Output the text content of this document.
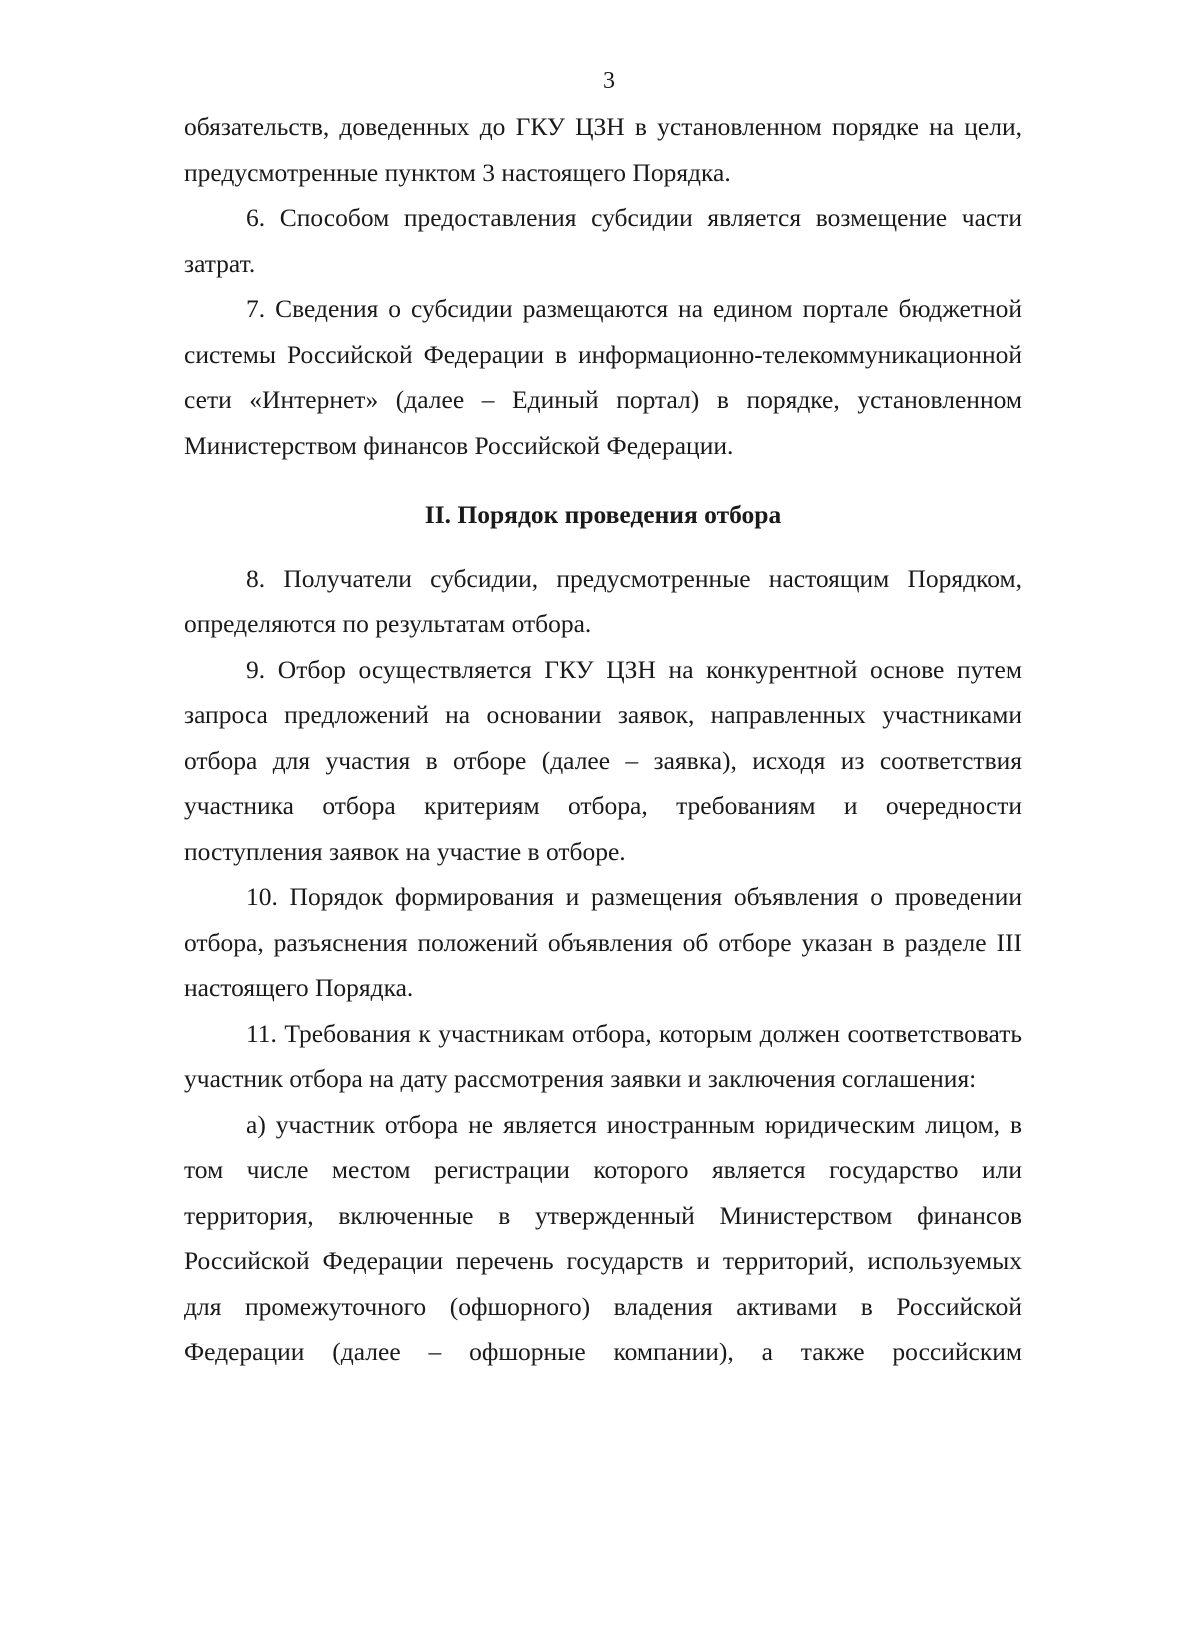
3

обязательств, доведенных до ГКУ ЦЗН в установленном порядке на цели, предусмотренные пунктом 3 настоящего Порядка.

6. Способом предоставления субсидии является возмещение части затрат.

7. Сведения о субсидии размещаются на едином портале бюджетной системы Российской Федерации в информационно-телекоммуникационной сети «Интернет» (далее – Единый портал) в порядке, установленном Министерством финансов Российской Федерации.

II. Порядок проведения отбора

8. Получатели субсидии, предусмотренные настоящим Порядком, определяются по результатам отбора.

9. Отбор осуществляется ГКУ ЦЗН на конкурентной основе путем запроса предложений на основании заявок, направленных участниками отбора для участия в отборе (далее – заявка), исходя из соответствия участника отбора критериям отбора, требованиям и очередности поступления заявок на участие в отборе.

10. Порядок формирования и размещения объявления о проведении отбора, разъяснения положений объявления об отборе указан в разделе III настоящего Порядка.

11. Требования к участникам отбора, которым должен соответствовать участник отбора на дату рассмотрения заявки и заключения соглашения:

а) участник отбора не является иностранным юридическим лицом, в том числе местом регистрации которого является государство или территория, включенные в утвержденный Министерством финансов Российской Федерации перечень государств и территорий, используемых для промежуточного (офшорного) владения активами в Российской Федерации (далее – офшорные компании), а также российским
